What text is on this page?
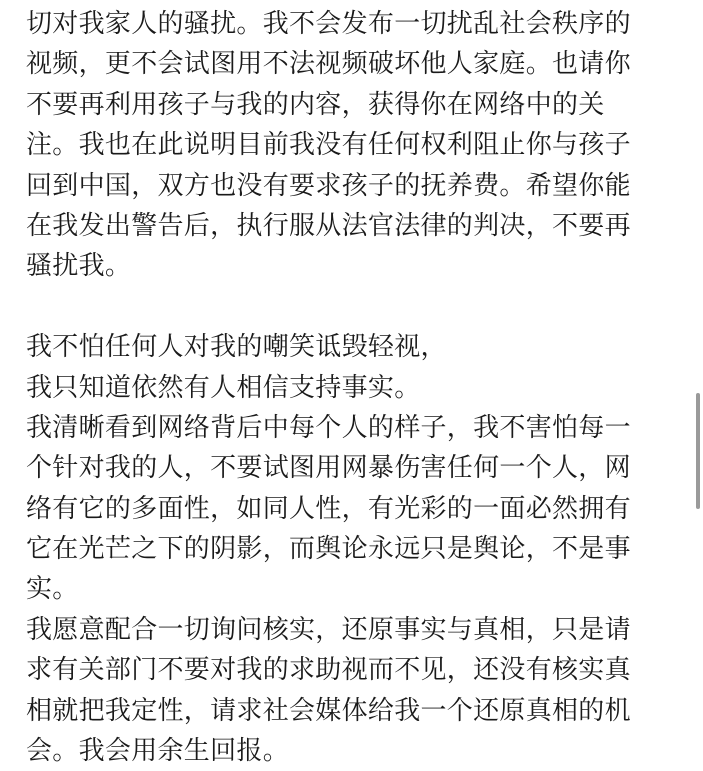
切对我家人的骚扰。我不会发布一切扰乱社会秩序的
视频，更不会试图用不法视频破坏他人家庭。也请你
不要再利用孩子与我的内容，获得你在网络中的关
注。我也在此说明目前我没有任何权利阻止你与孩子
回到中国，双方也没有要求孩子的抚养费。希望你能
在我发出警告后，执行服从法官法律的判决，不要再
骚扰我。
我不怕任何人对我的嘲笑诋毁轻视，
我只知道依然有人相信支持事实。
我清晰看到网络背后中每个人的样子，我不害怕每一
个针对我的人，不要试图用网暴伤害任何一个人，网
络有它的多面性，如同人性，有光彩的一面必然拥有
它在光芒之下的阴影，而舆论永远只是舆论，不是事
实。
我愿意配合一切询问核实，还原事实与真相，只是请
求有关部门不要对我的求助视而不见，还没有核实真
相就把我定性，请求社会媒体给我一个还原真相的机
会。我会用余生回报。
